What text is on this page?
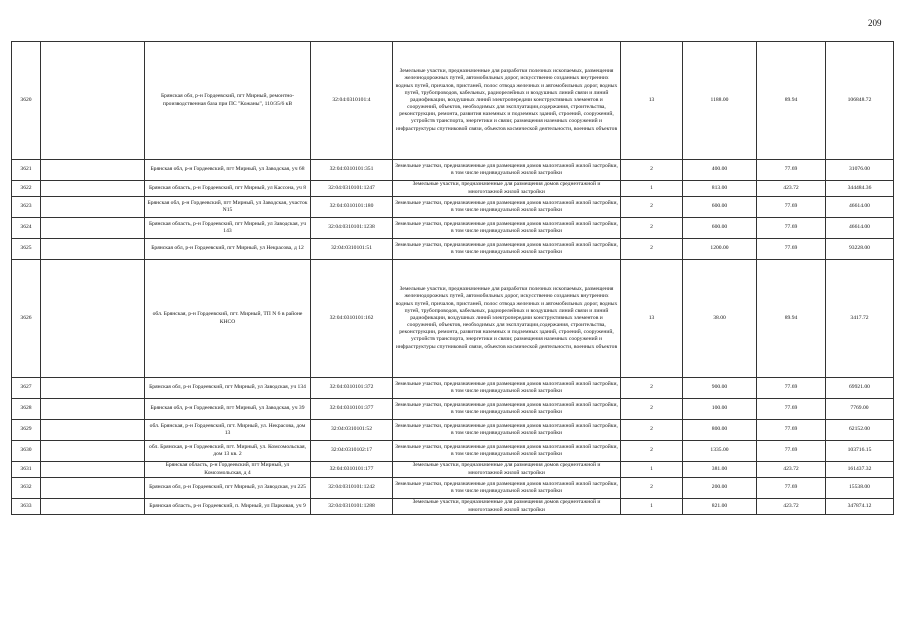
209
3620		Брянская обл, р-н Гордеевский, пгт Мирный, ремонтно-производственная база при ПС "Кожаны", 110/35/6 кВ	32:04:0310101:4	Земельные участки, предназначенные для разработки полезных ископаемых, размещения железнодорожных путей, автомобильных дорог, искусственно созданных внутренних водных путей, причалов, пристаней, полос отвода железных и автомобильных дорог, водных путей, трубопроводов, кабельных, радиорелейных и воздушных линий связи и линий радиофикации, воздушных линий электропередачи конструктивных элементов и сооружений, объектов, необходимых для эксплуатации,содержания, строительства, реконструкции, ремонта, развития наземных и подземных зданий, строений, сооружений, устройств транспорта, энергетики и связи; размещения наземных сооружений и инфраструктуры спутниковой связи, объектов космической деятельности, военных объектов	13	1188.00	89.94	106848.72
3621		Брянская обл, р-н Гордеевский, пгт Мирный, ул Заводская, уч 68	32:04:0310101:351	Земельные участки, предназначенные для размещения домов малоэтажной жилой застройки, в том числе индивидуальной жилой застройки	2	400.00	77.69	31076.00
3622		Брянская область, р-н Гордеевский, пгт Мирный, ул Кассона, уч 8	32:04:0310101:1247	Земельные участки, предназначенные для размещения домов среднеэтажной и многоэтажной жилой застройки	1	813.00	423.72	344484.36
3623		Брянская обл, р-н Гордеевский, пгт Мирный, ул Заводская, участок N15	32:04:0310101:180	Земельные участки, предназначенные для размещения домов малоэтажной жилой застройки, в том числе индивидуальной жилой застройки	2	600.00	77.69	46614.00
3624		Брянская область, р-н Гордеевский, пгт Мирный, ул Заводская, уч 143	32:04:0310101:1238	Земельные участки, предназначенные для размещения домов малоэтажной жилой застройки, в том числе индивидуальной жилой застройки	2	600.00	77.69	46614.00
3625		Брянская обл, р-н Гордеевский, пгт Мирный, ул Некрасова, д 12	32:04:0310101:51	Земельные участки, предназначенные для размещения домов малоэтажной жилой застройки, в том числе индивидуальной жилой застройки	2	1200.00	77.69	93228.00
3626		обл. Брянская, р-н Гордеевский, пгт. Мирный, ТП N 6 в районе КНСО	32:04:0310101:162	Земельные участки, предназначенные для разработки полезных ископаемых, размещения железнодорожных путей, автомобильных дорог, искусственно созданных внутренних водных путей, причалов, пристаней, полос отвода железных и автомобильных дорог, водных путей, трубопроводов, кабельных, радиорелейных и воздушных линий связи и линий радиофикации, воздушных линий электропередачи конструктивных элементов и сооружений, объектов, необходимых для эксплуатации,содержания, строительства, реконструкции, ремонта, развития наземных и подземных зданий, строений, сооружений, устройств транспорта, энергетики и связи; размещения наземных сооружений и инфраструктуры спутниковой связи, объектов космической деятельности, военных объектов	13	38.00	89.94	3417.72
3627		Брянская обл, р-н Гордеевский, пгт Мирный, ул Заводская, уч 134	32:04:0310101:372	Земельные участки, предназначенные для размещения домов малоэтажной жилой застройки, в том числе индивидуальной жилой застройки	2	900.00	77.69	69921.00
3628		Брянская обл, р-н Гордеевский, пгт Мирный, ул Заводская, уч 39	32:04:0310101:377	Земельные участки, предназначенные для размещения домов малоэтажной жилой застройки, в том числе индивидуальной жилой застройки	2	100.00	77.69	7769.00
3629		обл. Брянская, р-н Гордеевский, пгт. Мирный, ул. Некрасова, дом 13	32:04:0310101:52	Земельные участки, предназначенные для размещения домов малоэтажной жилой застройки, в том числе индивидуальной жилой застройки	2	800.00	77.69	62152.00
3630		обл. Брянская, р-н Гордеевский, пгт. Мирный, ул. Комсомольская, дом 13 кв. 2	32:04:0310102:17	Земельные участки, предназначенные для размещения домов малоэтажной жилой застройки, в том числе индивидуальной жилой застройки	2	1335.00	77.69	103716.15
3631		Брянская область, р-н Гордеевский, пгт Мирный, ул Комсомольская, д 4	32:04:0310101:177	Земельные участки, предназначенные для размещения домов среднеэтажной и многоэтажной жилой застройки	1	381.00	423.72	161437.32
3632		Брянская обл, р-н Гордеевский, пгт Мирный, ул Заводская, уч 225	32:04:0310101:1242	Земельные участки, предназначенные для размещения домов малоэтажной жилой застройки, в том числе индивидуальной жилой застройки	2	200.00	77.69	15538.00
3633		Брянская область, р-н Гордеевский, п. Мирный, ул Парковая, уч 9	32:04:0310101:1288	Земельные участки, предназначенные для размещения домов среднеэтажной и многоэтажной жилой застройки	1	821.00	423.72	347874.12
